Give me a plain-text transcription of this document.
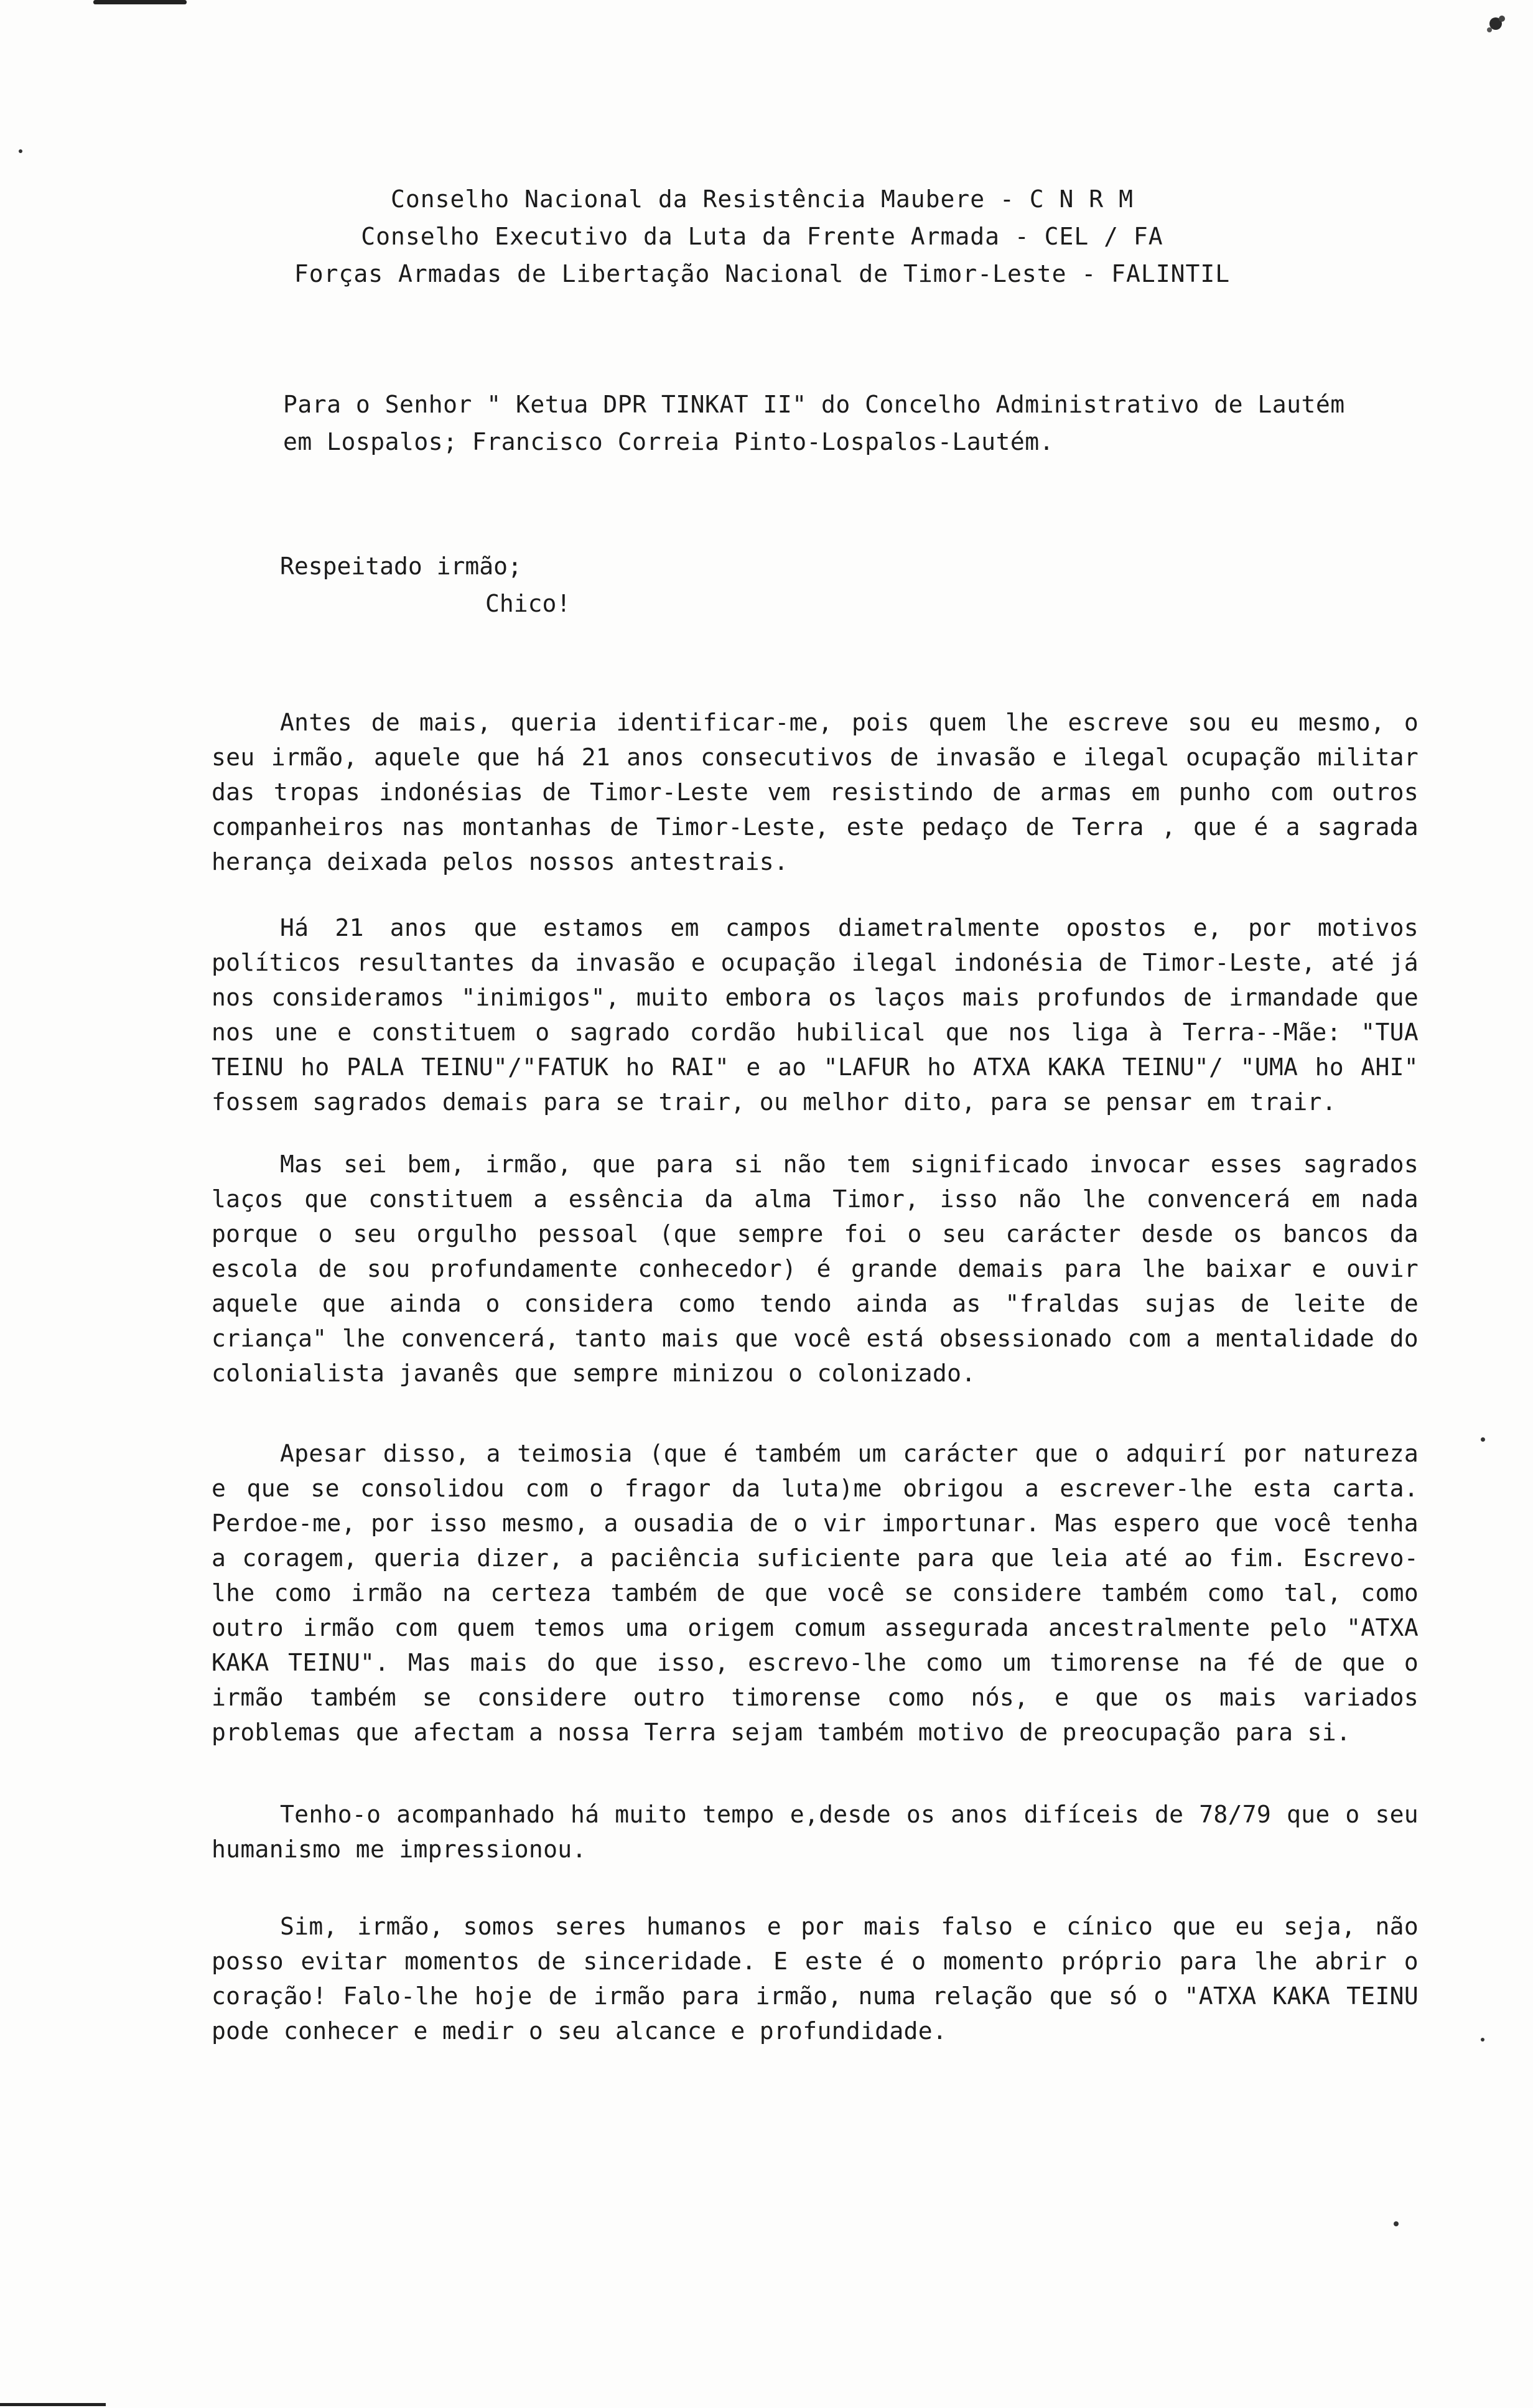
Conselho Nacional da Resistência Maubere - C N R M
Conselho Executivo da Luta da Frente Armada - CEL / FA
Forças Armadas de Libertação Nacional de Timor-Leste - FALINTIL
Para o Senhor " Ketua DPR TINKAT II" do Concelho Administrativo de Lautém em Lospalos; Francisco Correia Pinto-Lospalos-Lautém.
Respeitado irmão;
Chico!

Antes de mais, queria identificar-me, pois quem lhe escreve sou eu mesmo, o seu irmão, aquele que há 21 anos consecutivos de invasão e ilegal ocupação militar das tropas indonésias de Timor-Leste vem resistindo de armas em punho com outros companheiros nas montanhas de Timor-Leste, este pedaço de Terra , que é a sagrada herança deixada pelos nossos antestrais.

Há 21 anos que estamos em campos diametralmente opostos e, por motivos políticos resultantes da invasão e ocupação ilegal indonésia de Timor-Leste, até já nos consideramos "inimigos", muito embora os laços mais profundos de irmandade que nos une e constituem o sagrado cordão hubilical que nos liga à Terra--Mãe: "TUA TEINU ho PALA TEINU"/"FATUK ho RAI" e ao "LAFUR ho ATXA KAKA TEINU"/ "UMA ho AHI" fossem sagrados demais para se trair, ou melhor dito, para se pensar em trair.

Mas sei bem, irmão, que para si não tem significado invocar esses sagrados laços que constituem a essência da alma Timor, isso não lhe convencerá em nada porque o seu orgulho pessoal (que sempre foi o seu carácter desde os bancos da escola de sou profundamente conhecedor) é grande demais para lhe baixar e ouvir aquele que ainda o considera como tendo ainda as "fraldas sujas de leite de criança" lhe convencerá, tanto mais que você está obsessionado com a mentalidade do colonialista javanês que sempre minizou o colonizado.

Apesar disso, a teimosia (que é também um carácter que o adquirí por natureza e que se consolidou com o fragor da luta)me obrigou a escrever-lhe esta carta. Perdoe-me, por isso mesmo, a ousadia de o vir importunar. Mas espero que você tenha a coragem, queria dizer, a paciência suficiente para que leia até ao fim. Escrevo-lhe como irmão na certeza também de que você se considere também como tal, como outro irmão com quem temos uma origem comum assegurada ancestralmente pelo "ATXA KAKA TEINU". Mas mais do que isso, escrevo-lhe como um timorense na fé de que o irmão também se considere outro timorense como nós, e que os mais variados problemas que afectam a nossa Terra sejam também motivo de preocupação para si.

Tenho-o acompanhado há muito tempo e,desde os anos difíceis de 78/79 que o seu humanismo me impressionou.

Sim, irmão, somos seres humanos e por mais falso e cínico que eu seja, não posso evitar momentos de sinceridade. E este é o momento próprio para lhe abrir o coração! Falo-lhe hoje de irmão para irmão, numa relação que só o "ATXA KAKA TEINU pode conhecer e medir o seu alcance e profundidade.
